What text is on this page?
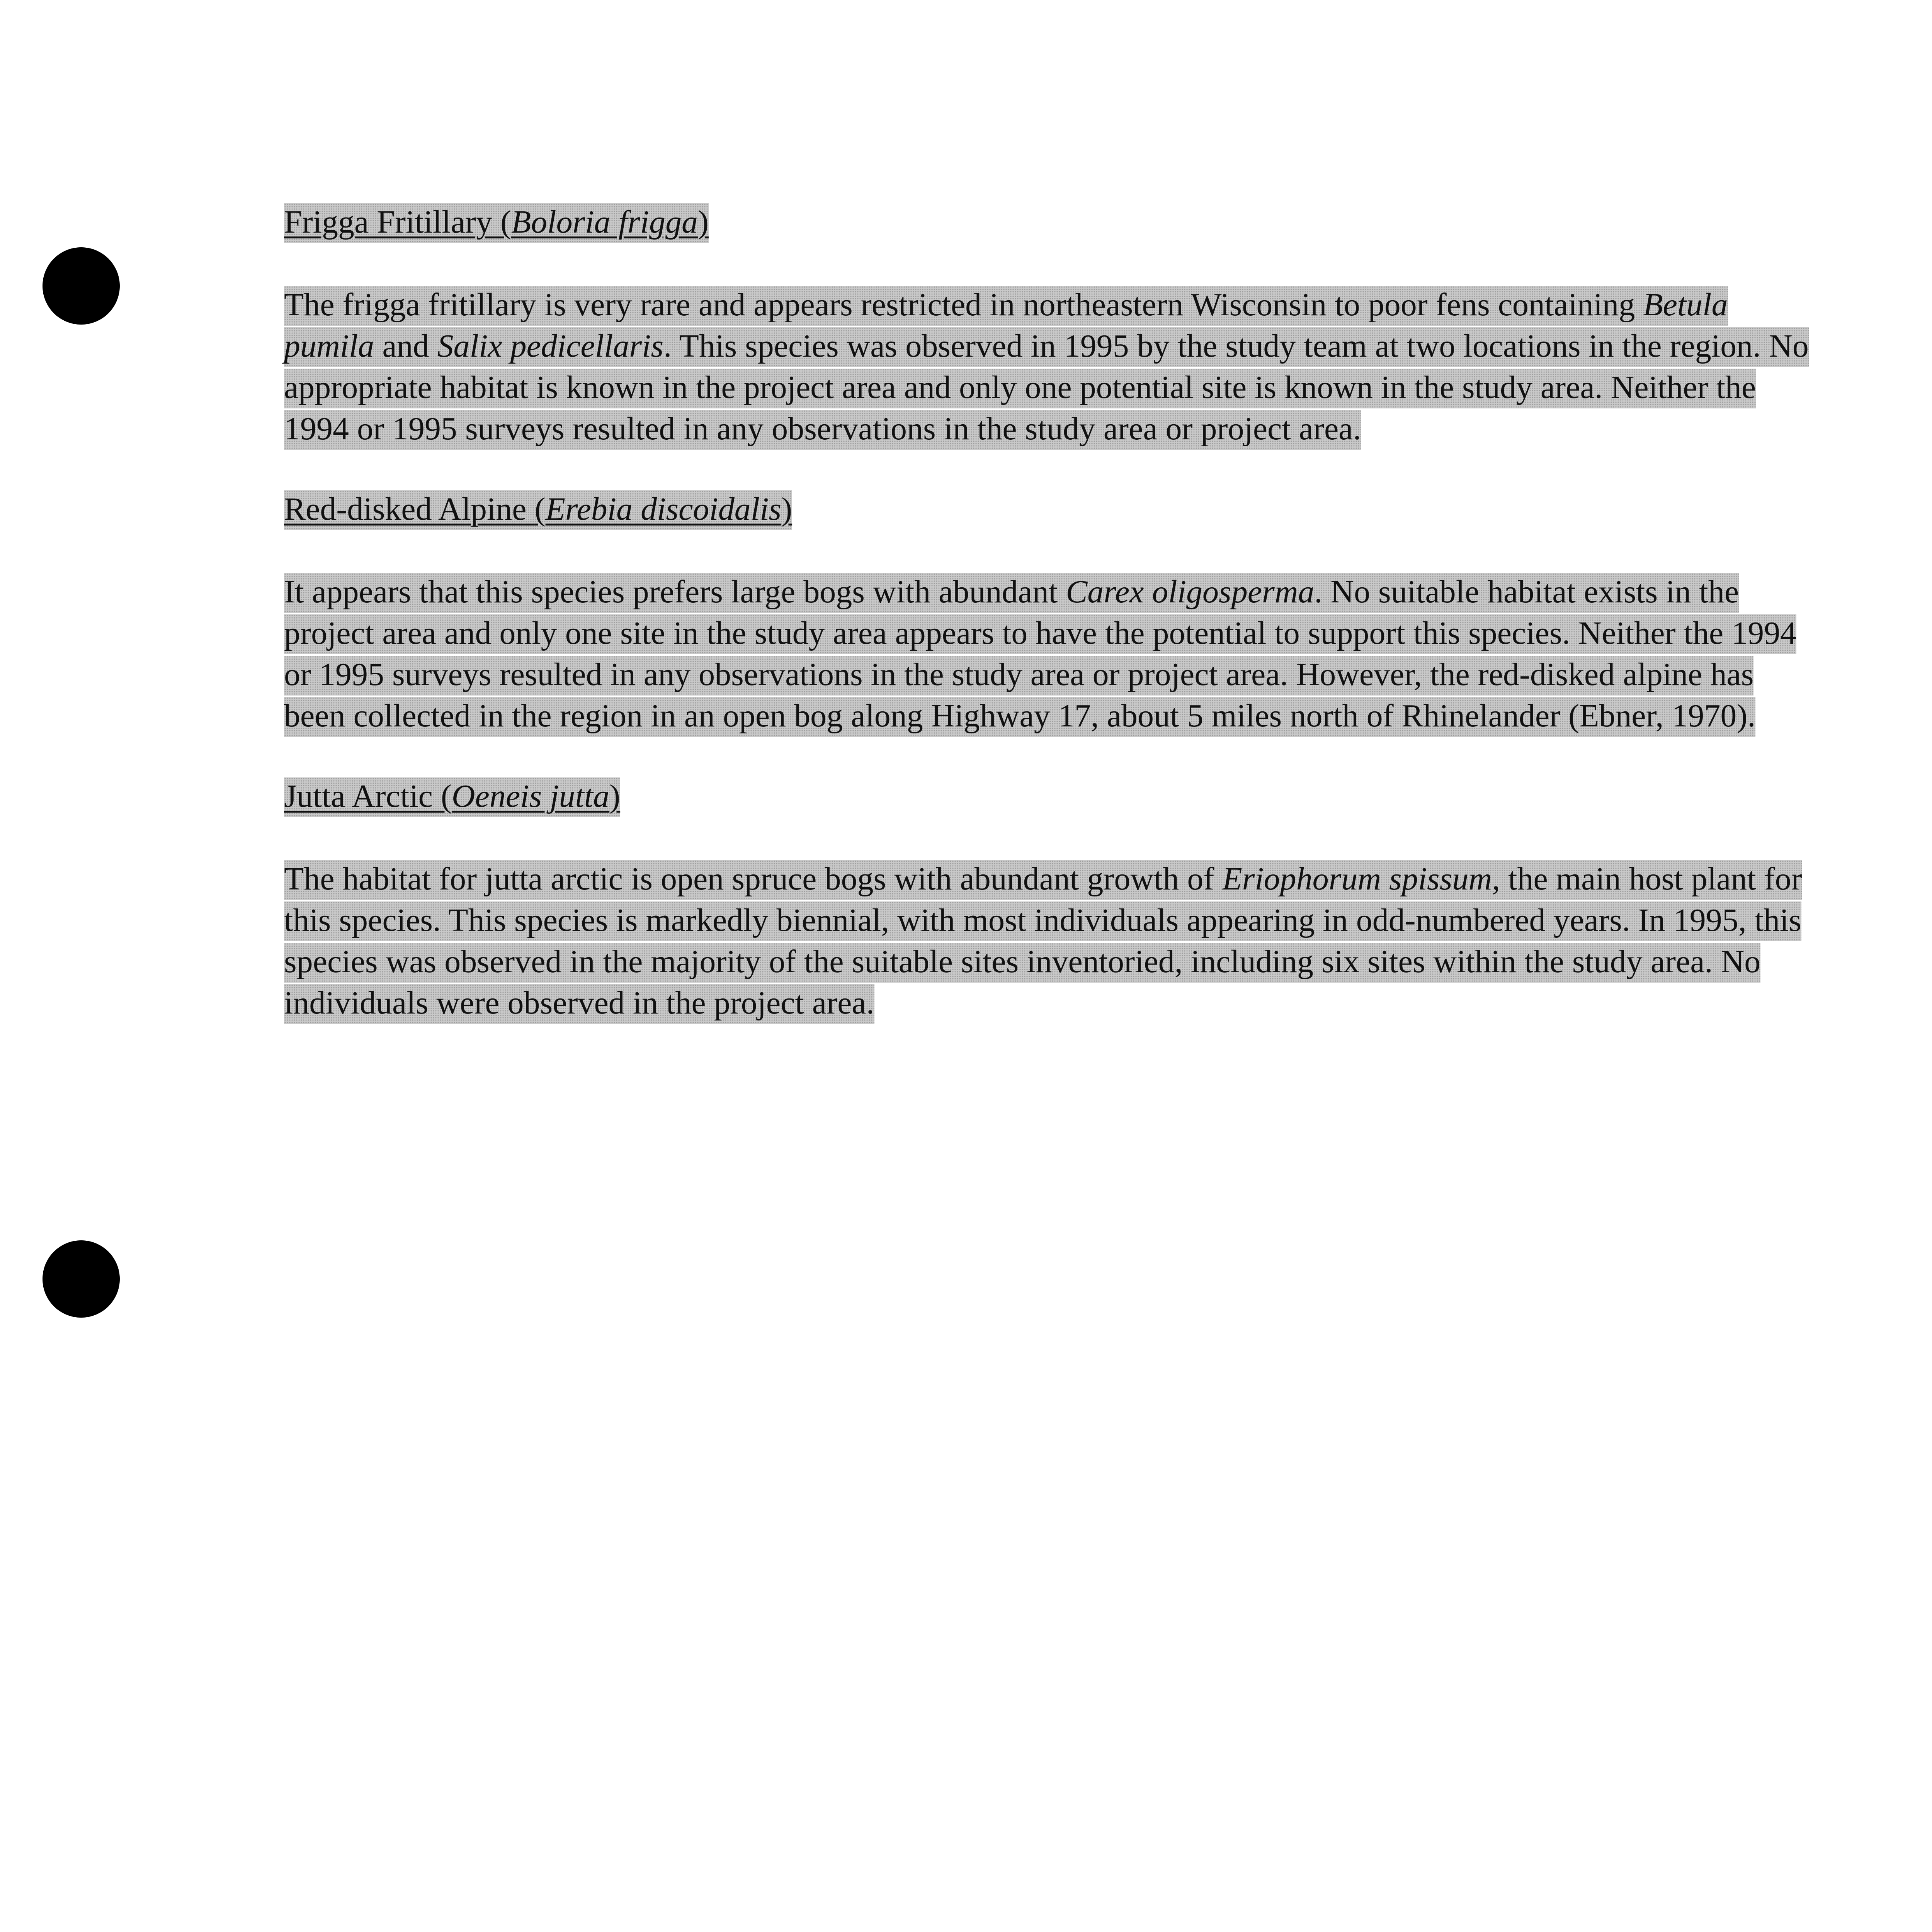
Frigga Fritillary (Boloria frigga)

The frigga fritillary is very rare and appears restricted in northeastern Wisconsin to poor fens containing Betula pumila and Salix pedicellaris. This species was observed in 1995 by the study team at two locations in the region. No appropriate habitat is known in the project area and only one potential site is known in the study area. Neither the 1994 or 1995 surveys resulted in any observations in the study area or project area.

Red-disked Alpine (Erebia discoidalis)

It appears that this species prefers large bogs with abundant Carex oligosperma. No suitable habitat exists in the project area and only one site in the study area appears to have the potential to support this species. Neither the 1994 or 1995 surveys resulted in any observations in the study area or project area. However, the red-disked alpine has been collected in the region in an open bog along Highway 17, about 5 miles north of Rhinelander (Ebner, 1970).

Jutta Arctic (Oeneis jutta)

The habitat for jutta arctic is open spruce bogs with abundant growth of Eriophorum spissum, the main host plant for this species. This species is markedly biennial, with most individuals appearing in odd-numbered years. In 1995, this species was observed in the majority of the suitable sites inventoried, including six sites within the study area. No individuals were observed in the project area.
